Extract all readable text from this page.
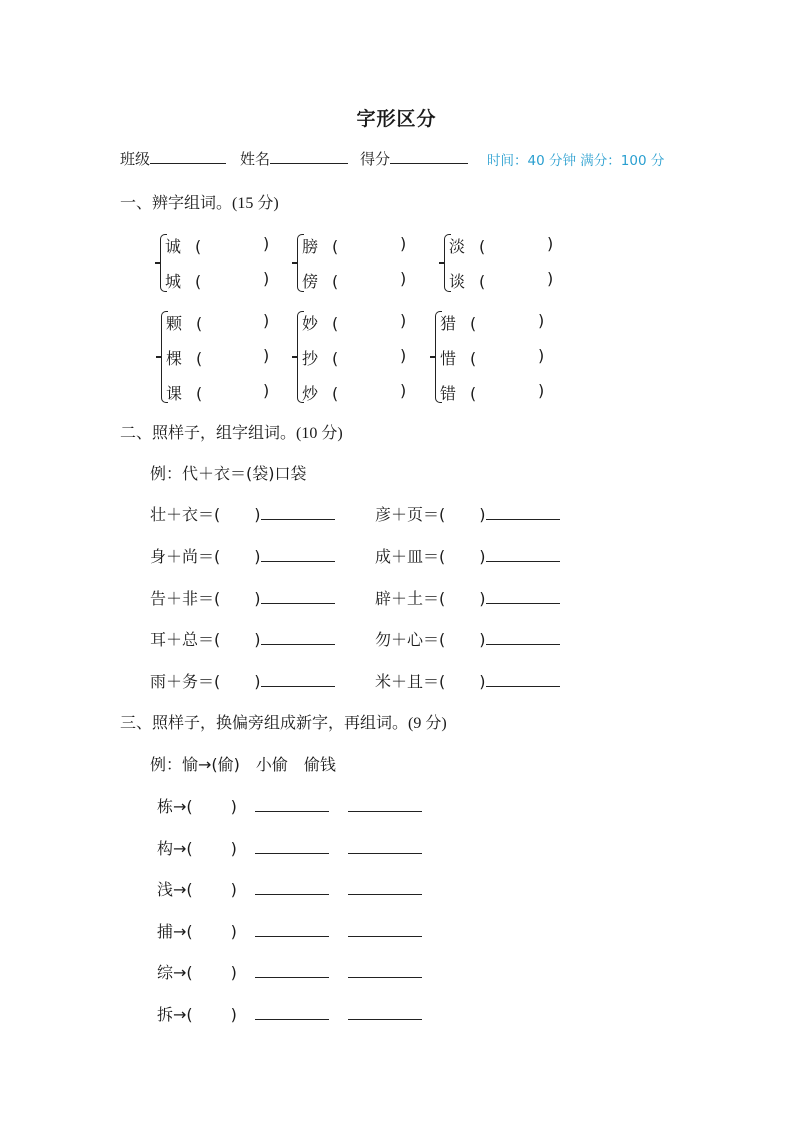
字形区分
班级	姓名	得分	时间：40 分钟 满分：100 分
一、辨字组词。(15 分)
诚 (	)
城 (	)
膀 (	)
傍 (	)
淡 (	)
谈 (	)
颗 (	)
棵 (	)
课 (	)
妙 (	)
抄 (	)
炒 (	)
猎 (	)
惜 (	)
错 (	)
二、照样子，组字组词。(10 分)
例：代＋衣＝(袋)口袋
壮＋衣＝( )	彦＋页＝( )
身＋尚＝( )	成＋皿＝( )
告＋非＝( )	辟＋土＝( )
耳＋总＝( )	勿＋心＝( )
雨＋务＝( )	米＋且＝( )
三、照样子，换偏旁组成新字，再组词。(9 分)
例：愉→(偷)　小偷　偷钱
栋→( )
构→( )
浅→( )
捕→( )
综→( )
拆→( )
